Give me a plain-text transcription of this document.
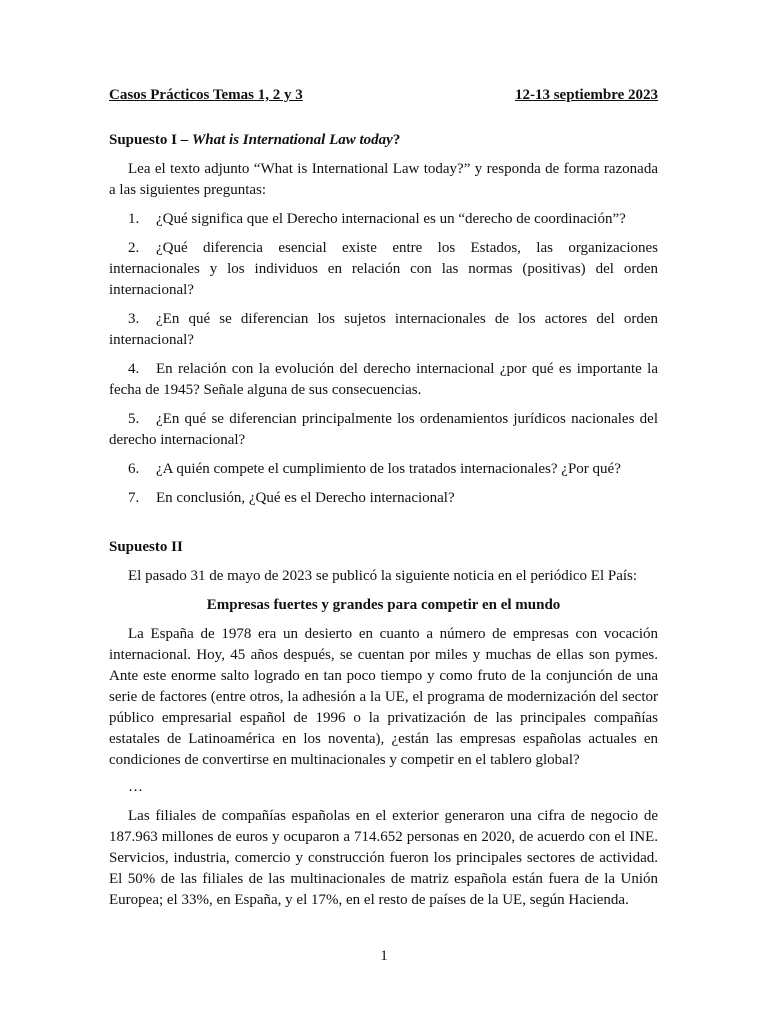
Casos Prácticos Temas 1, 2 y 3	12-13 septiembre 2023
Supuesto I – What is International Law today?

Lea el texto adjunto “What is International Law today?” y responda de forma razonada a las siguientes preguntas:

1. ¿Qué significa que el Derecho internacional es un “derecho de coordinación”?
2. ¿Qué diferencia esencial existe entre los Estados, las organizaciones internacionales y los individuos en relación con las normas (positivas) del orden internacional?
3. ¿En qué se diferencian los sujetos internacionales de los actores del orden internacional?
4. En relación con la evolución del derecho internacional ¿por qué es importante la fecha de 1945? Señale alguna de sus consecuencias.
5. ¿En qué se diferencian principalmente los ordenamientos jurídicos nacionales del derecho internacional?
6. ¿A quién compete el cumplimiento de los tratados internacionales? ¿Por qué?
7. En conclusión, ¿Qué es el Derecho internacional?
Supuesto II

El pasado 31 de mayo de 2023 se publicó la siguiente noticia en el periódico El País:

Empresas fuertes y grandes para competir en el mundo

La España de 1978 era un desierto en cuanto a número de empresas con vocación internacional. Hoy, 45 años después, se cuentan por miles y muchas de ellas son pymes. Ante este enorme salto logrado en tan poco tiempo y como fruto de la conjunción de una serie de factores (entre otros, la adhesión a la UE, el programa de modernización del sector público empresarial español de 1996 o la privatización de las principales compañías estatales de Latinoamérica en los noventa), ¿están las empresas españolas actuales en condiciones de convertirse en multinacionales y competir en el tablero global?

…

Las filiales de compañías españolas en el exterior generaron una cifra de negocio de 187.963 millones de euros y ocuparon a 714.652 personas en 2020, de acuerdo con el INE. Servicios, industria, comercio y construcción fueron los principales sectores de actividad. El 50% de las filiales de las multinacionales de matriz española están fuera de la Unión Europea; el 33%, en España, y el 17%, en el resto de países de la UE, según Hacienda.

1
